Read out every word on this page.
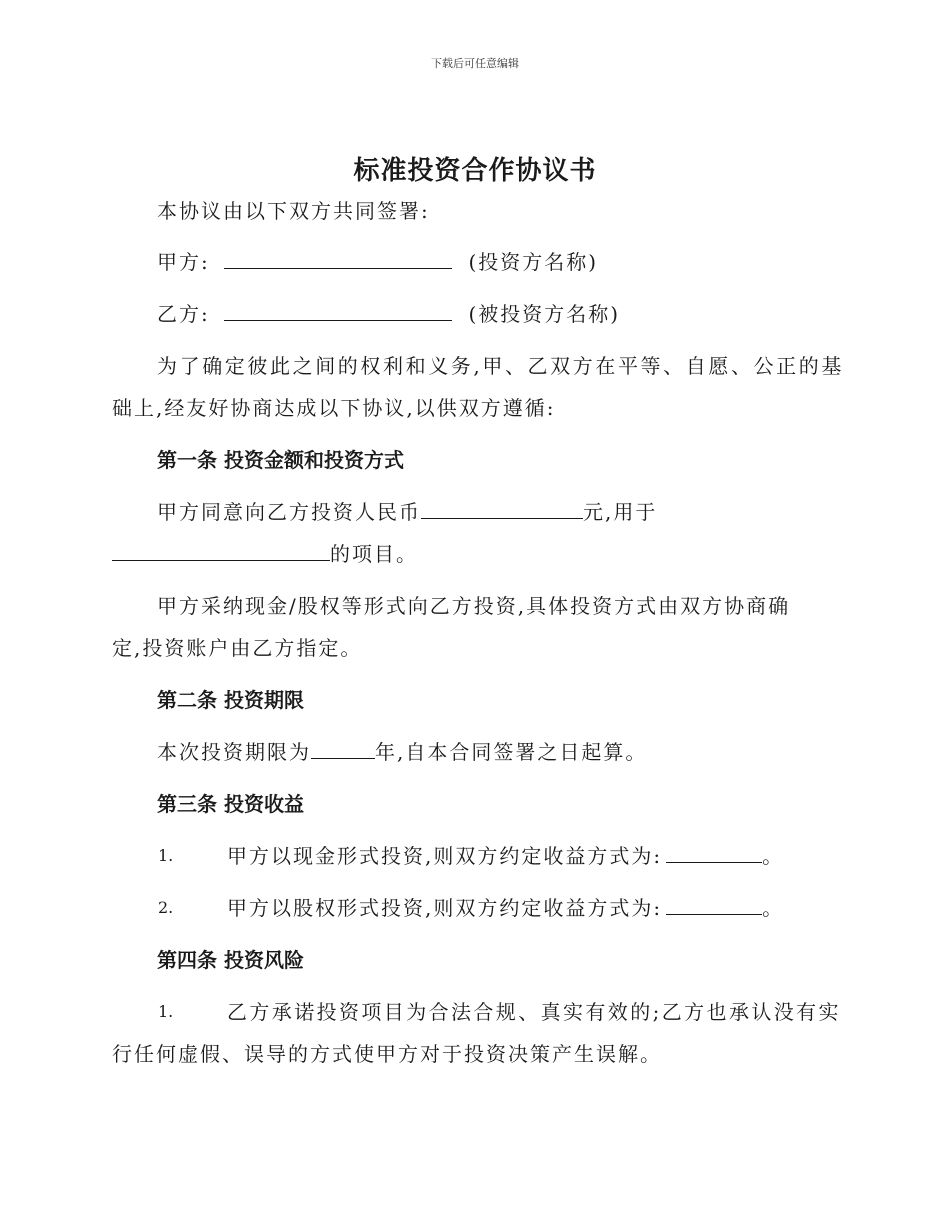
下载后可任意编辑
标准投资合作协议书
本协议由以下双方共同签署:
甲方:	(投资方名称)
乙方:	(被投资方名称)
为了确定彼此之间的权利和义务,甲、乙双方在平等、自愿、公正的基
础上,经友好协商达成以下协议,以供双方遵循:
第一条 投资金额和投资方式
甲方同意向乙方投资人民币	元,用于
的项目。
甲方采纳现金/股权等形式向乙方投资,具体投资方式由双方协商确
定,投资账户由乙方指定。
第二条 投资期限
本次投资期限为	年,自本合同签署之日起算。
第三条 投资收益
1.	甲方以现金形式投资,则双方约定收益方式为:	。
2.	甲方以股权形式投资,则双方约定收益方式为:	。
第四条 投资风险
1.	乙方承诺投资项目为合法合规、真实有效的;乙方也承认没有实
行任何虚假、误导的方式使甲方对于投资决策产生误解。
